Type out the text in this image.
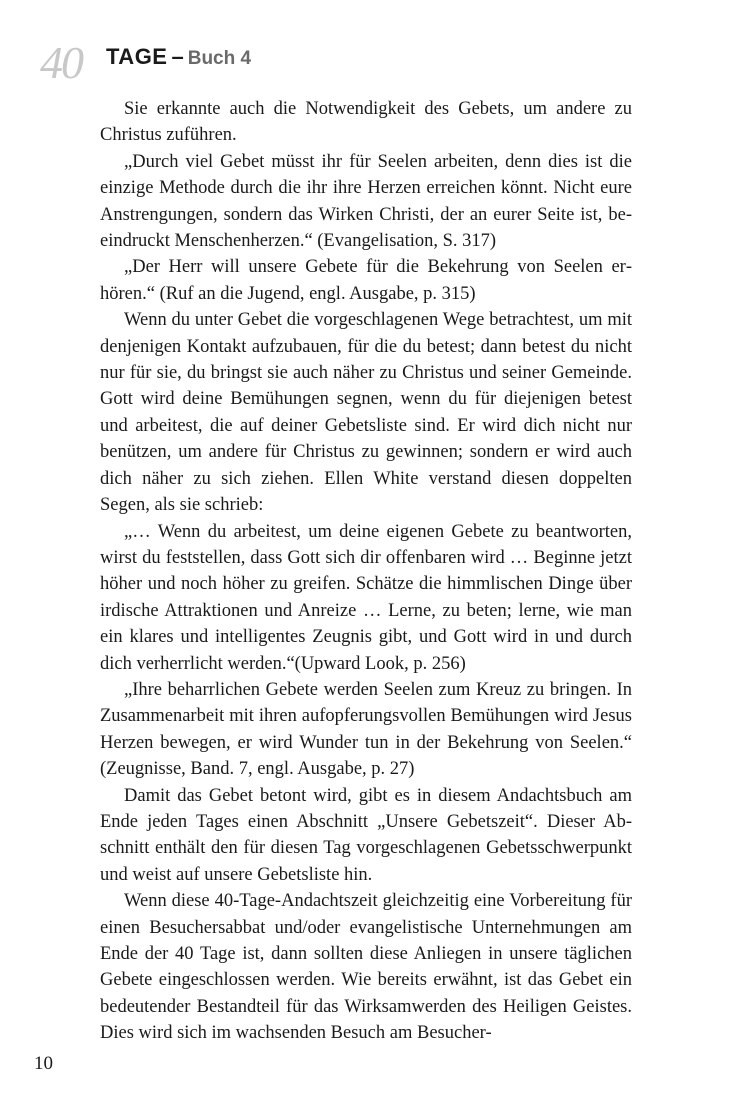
40 TAGE – Buch 4

Sie erkannte auch die Notwendigkeit des Gebets, um andere zu Christus zuführen.

„Durch viel Gebet müsst ihr für Seelen arbeiten, denn dies ist die einzige Methode durch die ihr ihre Herzen erreichen könnt. Nicht eure Anstrengungen, sondern das Wirken Christi, der an eurer Seite ist, beeindruckt Menschenherzen.“ (Evangelisation, S. 317)

„Der Herr will unsere Gebete für die Bekehrung von Seelen erhören.“ (Ruf an die Jugend, engl. Ausgabe, p. 315)

Wenn du unter Gebet die vorgeschlagenen Wege betrachtest, um mit denjenigen Kontakt aufzubauen, für die du betest; dann betest du nicht nur für sie, du bringst sie auch näher zu Christus und seiner Gemeinde. Gott wird deine Bemühungen segnen, wenn du für diejenigen betest und arbeitest, die auf deiner Gebetsliste sind. Er wird dich nicht nur benützen, um andere für Christus zu gewinnen; sondern er wird auch dich näher zu sich ziehen. Ellen White verstand diesen doppelten Segen, als sie schrieb:

„… Wenn du arbeitest, um deine eigenen Gebete zu beantworten, wirst du feststellen, dass Gott sich dir offenbaren wird … Beginne jetzt höher und noch höher zu greifen. Schätze die himmlischen Dinge über irdische Attraktionen und Anreize … Lerne, zu beten; lerne, wie man ein klares und intelligentes Zeugnis gibt, und Gott wird in und durch dich verherrlicht werden.“(Upward Look, p. 256)

„Ihre beharrlichen Gebete werden Seelen zum Kreuz zu bringen. In Zusammenarbeit mit ihren aufopferungsvollen Bemühungen wird Jesus Herzen bewegen, er wird Wunder tun in der Bekehrung von Seelen.“ (Zeugnisse, Band. 7, engl. Ausgabe, p. 27)

Damit das Gebet betont wird, gibt es in diesem Andachtsbuch am Ende jeden Tages einen Abschnitt „Unsere Gebetszeit“. Dieser Abschnitt enthält den für diesen Tag vorgeschlagenen Gebetsschwerpunkt und weist auf unsere Gebetsliste hin.

Wenn diese 40-Tage-Andachtszeit gleichzeitig eine Vorbereitung für einen Besuchersabbat und/oder evangelistische Unternehmungen am Ende der 40 Tage ist, dann sollten diese Anliegen in unsere täglichen Gebete eingeschlossen werden. Wie bereits erwähnt, ist das Gebet ein bedeutender Bestandteil für das Wirksamwerden des Heiligen Geistes. Dies wird sich im wachsenden Besuch am Besucher-

10
